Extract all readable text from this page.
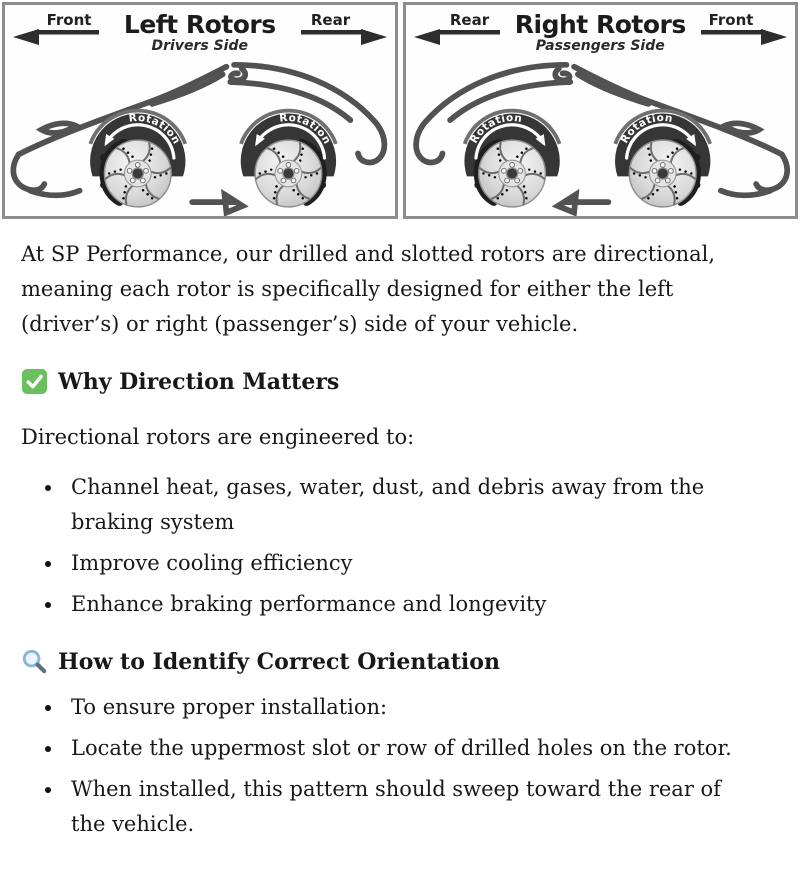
Front	Left Rotors
Drivers Side
Rear	Rear	Right Rotors
Passengers Side
Front

At SP Performance, our drilled and slotted rotors are directional, meaning each rotor is specifically designed for either the left (driver’s) or right (passenger’s) side of your vehicle.

Why Direction Matters

Directional rotors are engineered to:

• Channel heat, gases, water, dust, and debris away from the braking system
• Improve cooling efficiency
• Enhance braking performance and longevity
How to Identify Correct Orientation
• To ensure proper installation:
• Locate the uppermost slot or row of drilled holes on the rotor.
• When installed, this pattern should sweep toward the rear of the vehicle.
